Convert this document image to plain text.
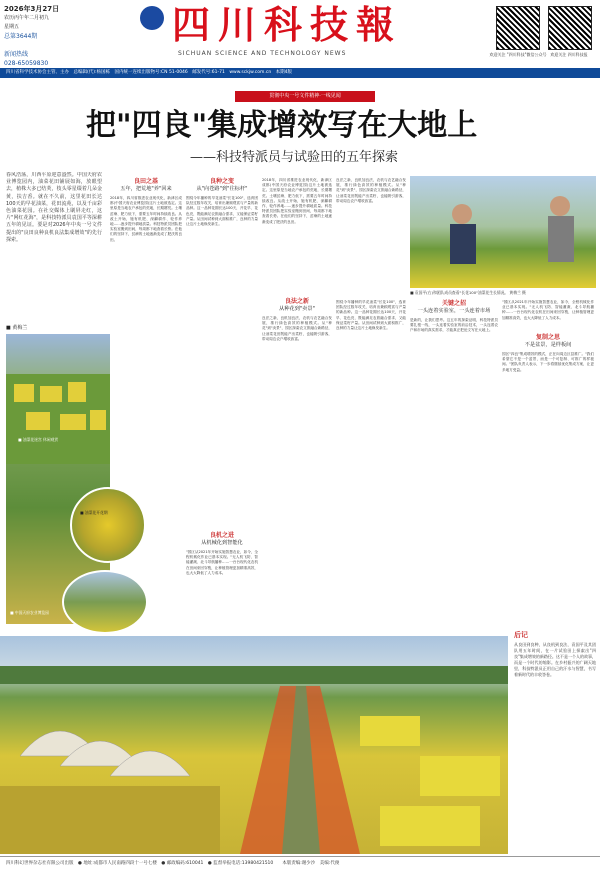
2026年3月27日
农历丙午年二月初九
星期五
总第3644期
新闻热线
028-65059830
四川科技報
SICHUAN SCIENCE AND TECHNOLOGY NEWS	欢迎关注 "四川科技"微信公众号 欢迎关注 四川科技报
四川省科学技术协会主管、主办　总编辑(代):杨国栋　国内统一连续出版物号:CN 51-0046　邮发代号:61-71　www.sckjw.com.cn　本期4版
贯彻中央一号文件精神·一线见闻
把"四良"集成增效写在大地上
——科技特派员与试验田的五年探索
春风浩荡，川西平原迎意盎然。中国天府农业博览园内，油菜花田铺展如海，放眼望去，植株大多已结荚，枝头零星缀着几朵金黄，扶吉香。就在不久前，这里花田长达100天的早花油菜，花田流苑，以及千亩彩色油菜花园。在社交媒体上刷屏走红，这片"网红花海"，是科技特派员袁国平等深耕五年的见证。要是对2026年中央一号文件提出的"良田良种良机良法集成增效"的先行探索。
■ 黄梅兰
■ 油菜花迷宫 休闲观赏
■ 油菜花开花期
■ 中国天府农业博览园
良田之基
五年，把荒地"养"回来
2018年，四川省推进农业现代化，新津区成都(中国天府农业博览园)这片土地被选定。这里原是当地农户承包的荒地，长期撂荒。土壤贫瘠、肥力低下，需要五年时间持续改良。从改土开始，施有机肥、深翻耕作、轮作养地……逐步提升耕地质量。科技特派员团队把实验室搬到田间，每周都下地查看长势。在他们的坚持下，贫瘠的土地逐渐变成了肥沃的良田。
良种之变
从"向苍路"到"往标杆"
围绕今年播种的早花油菜"长花100"，选育团队经过数年攻关，培育出兼顾观赏与产量的新品种。这一品种花期长达100天，开花早、花色亮，既能满足农旅融合需求，又能保证菜籽产量。从田间试种到大面积推广，良种的力量让这片土地焕发新生。
良机之进
从机械化到智能化
"园区从2021年开始实施智慧农业，如今，全程机械化作业已基本实现。"无人机飞防、智能灌溉、北斗导航播种……一台台现代化农机在田间来回穿梭，让种植管理更加精准高效，也大大降低了人力成本。
2018年，四川省推进农业现代化，新津区成都(中国天府农业博览园)这片土地被选定。这里原是当地农户承包的荒地，长期撂荒。土壤贫瘠、肥力低下，需要五年时间持续改良。从改土开始，施有机肥、深翻耕作、轮作养地……逐步提升耕地质量。科技特派员团队把实验室搬到田间，每周都下地查看长势。在他们的坚持下，贫瘠的土地逐渐变成了肥沃的良田。
良法之新
从种花到"卖景"
良法之新，良机加良法，农机与农艺融合发展，推行绿色高效的种植模式。从"种花"到"卖景"，园区探索农文旅融合新路径，让油菜花田既能产出菜籽，也能吸引游客，带动周边农户增收致富。
■ 袁国平(右)和团队成员查看"长花100"油菜花生长情况。 黄梅兰 摄
良法之新，良机加良法，农机与农艺融合发展，推行绿色高效的种植模式。从"种花"到"卖景"，园区探索农文旅融合新路径，让油菜花田既能产出菜籽，也能吸引游客，带动周边农户增收致富。
围绕今年播种的早花油菜"长花100"，选育团队经过数年攻关，培育出兼顾观赏与产量的新品种。这一品种花期长达100天，开花早、花色亮，既能满足农旅融合需求，又能保证菜籽产量。从田间试种到大面积推广，良种的力量让这片土地焕发新生。
关键之招
一头连着实验室，一头连着市场
是新的，让我们思考。这五年的探索证明，科技特派员要扎根一线，一头连着实验室的前沿技术，一头连着农户和市场的真实需求，才能真正把论文写在大地上。
"园区从2021年开始实施智慧农业，如今，全程机械化作业已基本实现。"无人机飞防、智能灌溉、北斗导航播种……一台台现代化农机在田间来回穿梭，让种植管理更加精准高效，也大大降低了人力成本。
复制之思
不是盆景，是样板间
园区"四良"集成增效的模式，正在向周边区县推广。"我们希望它不是一个盆景，而是一个可复制、可推广的样板间。"团队负责人表示，下一步将继续优化集成方案，让更多地方受益。
后记
从良田到良种，从良机到良法，袁国平及其团队用五年时间，在一片试验田上探索出"四良"集成增效的新路径。这不是一个人的故事，而是一个时代的缩影。在乡村振兴的广阔天地里，科技特派员正用自己的汗水与智慧，书写着新时代的丰收答卷。
四川科幻世界杂志社有限公司出版　● 地址:成都市人民南路四段十一号七楼　● 邮政编码:610041　● 监督举报电话:13980421510　　本版责编:谢少沙　美编:代俊
